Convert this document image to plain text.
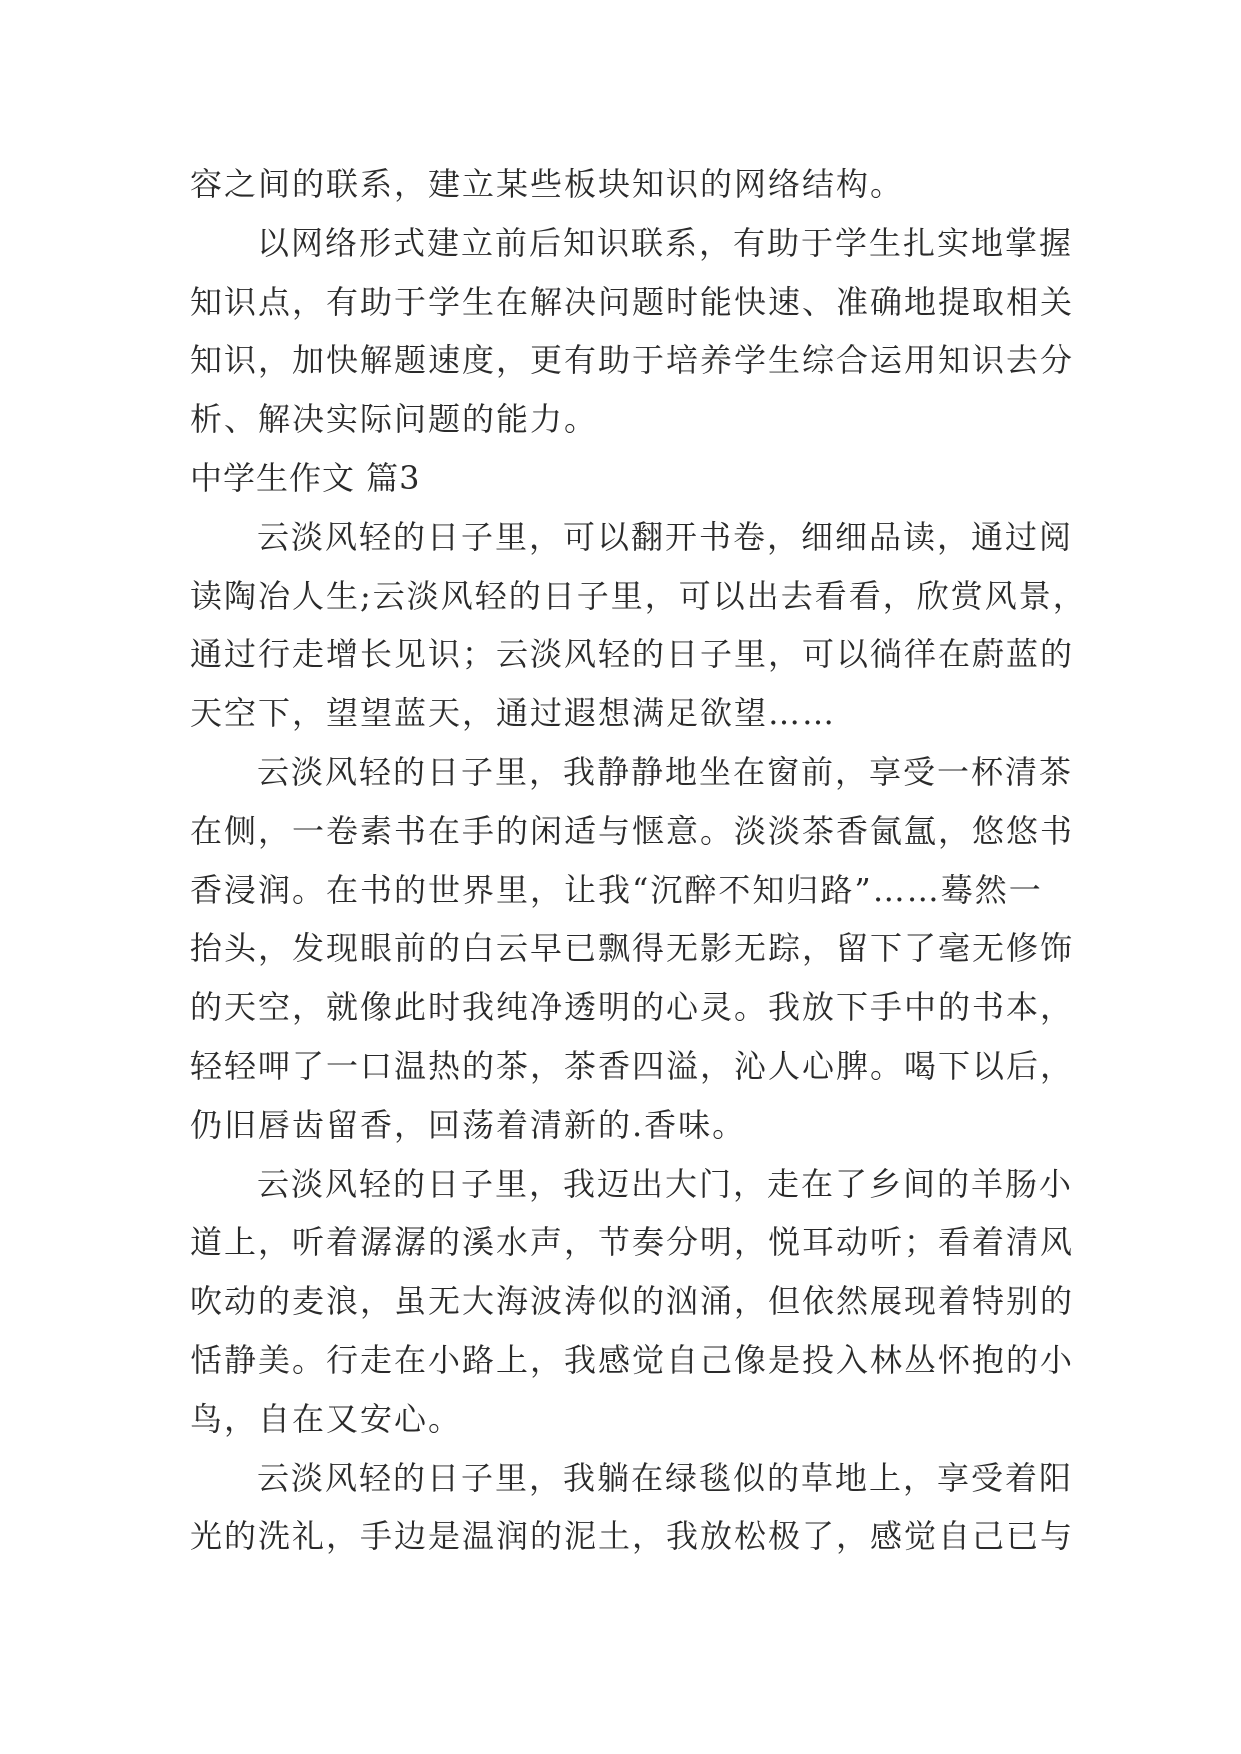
容之间的联系，建立某些板块知识的网络结构。
以网络形式建立前后知识联系，有助于学生扎实地掌握
知识点，有助于学生在解决问题时能快速、准确地提取相关
知识，加快解题速度，更有助于培养学生综合运用知识去分
析、解决实际问题的能力。
中学生作文 篇3
云淡风轻的日子里，可以翻开书卷，细细品读，通过阅
读陶冶人生;云淡风轻的日子里，可以出去看看，欣赏风景，
通过行走增长见识；云淡风轻的日子里，可以徜徉在蔚蓝的
天空下，望望蓝天，通过遐想满足欲望……
云淡风轻的日子里，我静静地坐在窗前，享受一杯清茶
在侧，一卷素书在手的闲适与惬意。淡淡茶香氤氲，悠悠书
香浸润。在书的世界里，让我“沉醉不知归路”……蓦然一
抬头，发现眼前的白云早已飘得无影无踪，留下了毫无修饰
的天空，就像此时我纯净透明的心灵。我放下手中的书本，
轻轻呷了一口温热的茶，茶香四溢，沁人心脾。喝下以后，
仍旧唇齿留香，回荡着清新的.香味。
云淡风轻的日子里，我迈出大门，走在了乡间的羊肠小
道上，听着潺潺的溪水声，节奏分明，悦耳动听；看着清风
吹动的麦浪，虽无大海波涛似的汹涌，但依然展现着特别的
恬静美。行走在小路上，我感觉自己像是投入林丛怀抱的小
鸟，自在又安心。
云淡风轻的日子里，我躺在绿毯似的草地上，享受着阳
光的洗礼，手边是温润的泥土，我放松极了，感觉自己已与
